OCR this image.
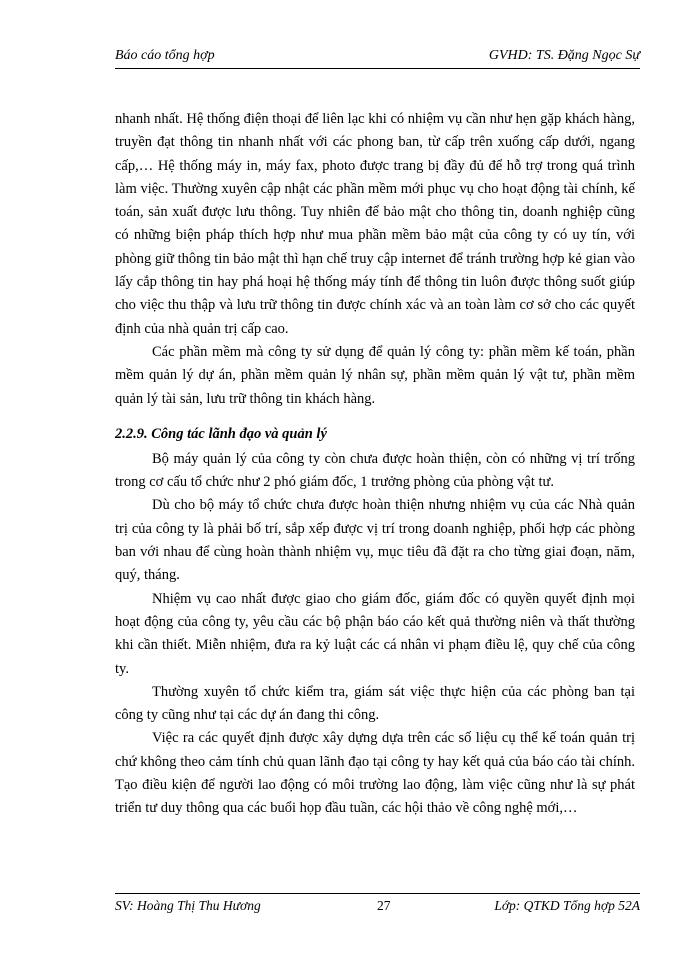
Báo cáo tổng hợp	GVHD: TS. Đặng Ngọc Sự

nhanh nhất. Hệ thống điện thoại để liên lạc khi có nhiệm vụ cần như hẹn gặp khách hàng, truyền đạt thông tin nhanh nhất với các phong ban, từ cấp trên xuống cấp dưới, ngang cấp,… Hệ thống máy in, máy fax, photo được trang bị đầy đủ để hỗ trợ trong quá trình làm việc. Thường xuyên cập nhật các phần mềm mới phục vụ cho hoạt động tài chính, kế toán, sản xuất được lưu thông. Tuy nhiên để bảo mật cho thông tin, doanh nghiệp cũng có những biện pháp thích hợp như mua phần mềm bảo mật của công ty có uy tín, với phòng giữ thông tin bảo mật thì hạn chế truy cập internet để tránh trường hợp kẻ gian vào lấy cắp thông tin hay phá hoại hệ thống máy tính để thông tin luôn được thông suốt giúp cho việc thu thập và lưu trữ thông tin được chính xác và an toàn làm cơ sở cho các quyết định của nhà quản trị cấp cao.

Các phần mềm mà công ty sử dụng để quản lý công ty: phần mềm kế toán, phần mềm quản lý dự án, phần mềm quản lý nhân sự, phần mềm quản lý vật tư, phần mềm quản lý tài sản, lưu trữ thông tin khách hàng.

2.2.9. Công tác lãnh đạo và quản lý

Bộ máy quản lý của công ty còn chưa được hoàn thiện, còn có những vị trí trống trong cơ cấu tổ chức như 2 phó giám đốc, 1 trưởng phòng của phòng vật tư.

Dù cho bộ máy tổ chức chưa được hoàn thiện nhưng nhiệm vụ của các Nhà quản trị của công ty là phải bố trí, sắp xếp được vị trí trong doanh nghiệp, phối hợp các phòng ban với nhau để cùng hoàn thành nhiệm vụ, mục tiêu đã đặt ra cho từng giai đoạn, năm, quý, tháng.

Nhiệm vụ cao nhất được giao cho giám đốc, giám đốc có quyền quyết định mọi hoạt động của công ty, yêu cầu các bộ phận báo cáo kết quả thường niên và thất thường khi cần thiết. Miễn nhiệm, đưa ra kỷ luật các cá nhân vi phạm điều lệ, quy chế của công ty.

Thường xuyên tổ chức kiểm tra, giám sát việc thực hiện của các phòng ban tại công ty cũng như tại các dự án đang thi công.

Việc ra các quyết định được xây dựng dựa trên các số liệu cụ thể kế toán quản trị chứ không theo cảm tính chủ quan lãnh đạo tại công ty hay kết quả của báo cáo tài chính. Tạo điều kiện để người lao động có môi trường lao động, làm việc cũng như là sự phát triển tư duy thông qua các buổi họp đầu tuần, các hội thảo về công nghệ mới,…

SV: Hoàng Thị Thu Hương	27	Lớp: QTKD Tổng hợp 52A
